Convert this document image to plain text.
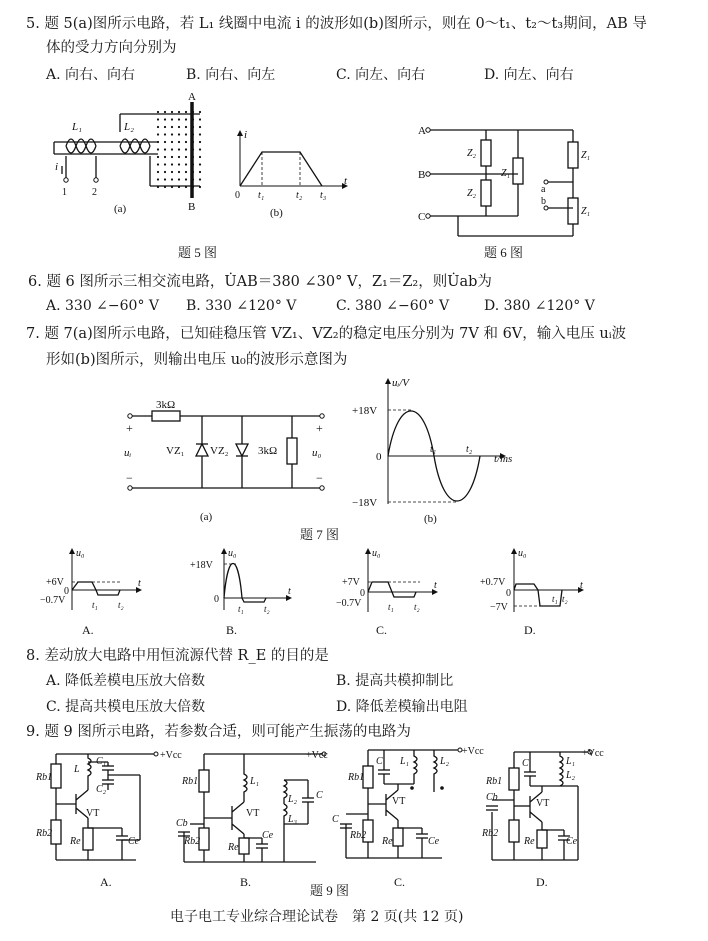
5. 题 5(a)图所示电路，若 L₁ 线圈中电流 i 的波形如(b)图所示，则在 0～t₁、t₂～t₃期间，AB 导
体的受力方向分别为
A. 向右、向右	B. 向右、向左	C. 向左、向右	D. 向左、向右
A
B
L₁	L₂
i
1	2
(a)
i
t
0 t₁	t₂ t₃
(b)
题 5 图
A
B
C
Z₂
Z₂
Z₁
Z₁
Z₁
a
b
题 6 图
6. 题 6 图所示三相交流电路，U̇AB＝380 ∠30° V，Z₁＝Z₂，则U̇ab为
A. 330 ∠−60° V B. 330 ∠120° V	C. 380 ∠−60° V D. 380 ∠120° V
7. 题 7(a)图所示电路，已知硅稳压管 VZ₁、VZ₂的稳定电压分别为 7V 和 6V，输入电压 uᵢ波
形如(b)图所示，则输出电压 u₀的波形示意图为
3kΩ
3kΩ
VZ₁ VZ₂
+
−
uᵢ
+
−
u₀
(a)
uᵢ/V
t/ms
+18V
−18V
0
t₁	t₂
(b)
题 7 图
u₀
+6V
0
−0.7V	t₁ t₂
t
A.
u₀
+18V
0
t₁ t₂
t
B.
u₀
+7V
0
−0.7V	t₁ t₂
t
C.
u₀
+0.7V
0
−7V
t₁ t₂
t
D.
8. 差动放大电路中用恒流源代替 R_E 的目的是
A. 降低差模电压放大倍数	B. 提高共模抑制比
C. 提高共模电压放大倍数	D. 降低差模输出电阻
9. 题 9 图所示电路，若参数合适，则可能产生振荡的电路为
Rb1
Rb2
Re	Ce
VT
L
C₁
C₂
+Vcc
A.
Rb1
Rb2
Re
Ce
Cb
VT
L₁
L₂
L₃
C
+Vcc
B.
Rb1
Rb2
Re	Ce
C
VT
C L₁	L₂
+Vcc
C.
Rb1
Rb2
Re	Ce
Cb
VT
C	L₁
L₂
+Vcc
D.
题 9 图
电子电工专业综合理论试卷　第 2 页(共 12 页)
